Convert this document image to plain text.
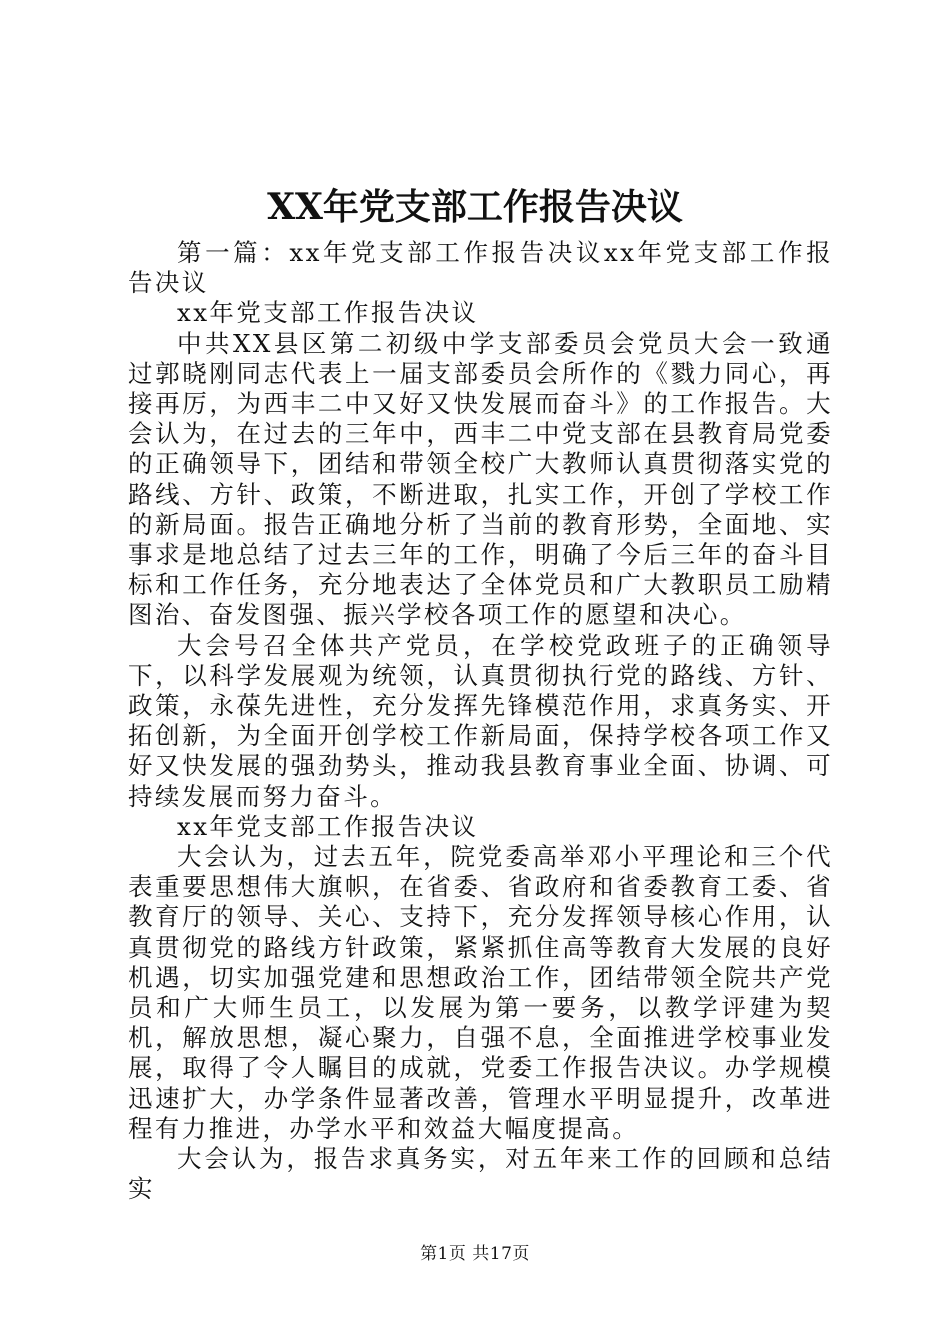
XX年党支部工作报告决议

第一篇：xx年党支部工作报告决议xx年党支部工作报告决议

xx年党支部工作报告决议

中共XX县区第二初级中学支部委员会党员大会一致通过郭晓刚同志代表上一届支部委员会所作的《戮力同心，再接再厉，为西丰二中又好又快发展而奋斗》的工作报告。大会认为，在过去的三年中，西丰二中党支部在县教育局党委的正确领导下，团结和带领全校广大教师认真贯彻落实党的路线、方针、政策，不断进取，扎实工作，开创了学校工作的新局面。报告正确地分析了当前的教育形势，全面地、实事求是地总结了过去三年的工作，明确了今后三年的奋斗目标和工作任务，充分地表达了全体党员和广大教职员工励精图治、奋发图强、振兴学校各项工作的愿望和决心。

大会号召全体共产党员，在学校党政班子的正确领导下，以科学发展观为统领，认真贯彻执行党的路线、方针、政策，永葆先进性，充分发挥先锋模范作用，求真务实、开拓创新，为全面开创学校工作新局面，保持学校各项工作又好又快发展的强劲势头，推动我县教育事业全面、协调、可持续发展而努力奋斗。

xx年党支部工作报告决议

大会认为，过去五年，院党委高举邓小平理论和三个代表重要思想伟大旗帜，在省委、省政府和省委教育工委、省教育厅的领导、关心、支持下，充分发挥领导核心作用，认真贯彻党的路线方针政策，紧紧抓住高等教育大发展的良好机遇，切实加强党建和思想政治工作，团结带领全院共产党员和广大师生员工，以发展为第一要务，以教学评建为契机，解放思想，凝心聚力，自强不息，全面推进学校事业发展，取得了令人瞩目的成就，党委工作报告决议。办学规模迅速扩大，办学条件显著改善，管理水平明显提升，改革进程有力推进，办学水平和效益大幅度提高。

大会认为，报告求真务实，对五年来工作的回顾和总结实

第1页 共17页
